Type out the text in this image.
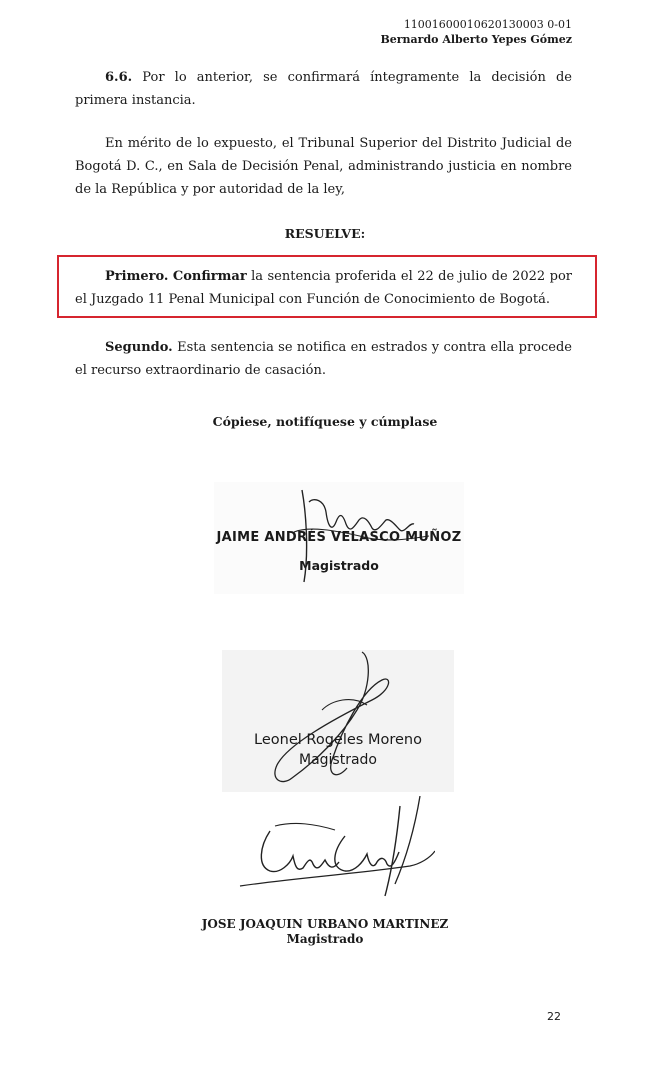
11001600010620130003 0-01
Bernardo Alberto Yepes Gómez

6.6. Por lo anterior, se confirmará íntegramente la decisión de primera instancia.

En mérito de lo expuesto, el Tribunal Superior del Distrito Judicial de Bogotá D. C., en Sala de Decisión Penal, administrando justicia en nombre de la República y por autoridad de la ley,

RESUELVE:

Primero. Confirmar la sentencia proferida el 22 de julio de 2022 por el Juzgado 11 Penal Municipal con Función de Conocimiento de Bogotá.

Segundo. Esta sentencia se notifica en estrados y contra ella procede el recurso extraordinario de casación.

Cópiese, notifíquese y cúmplase
JAIME ANDRÉS VELASCO MUÑOZ
Magistrado
Leonel Rogeles Moreno
Magistrado
JOSE JOAQUIN URBANO MARTINEZ
Magistrado
22
